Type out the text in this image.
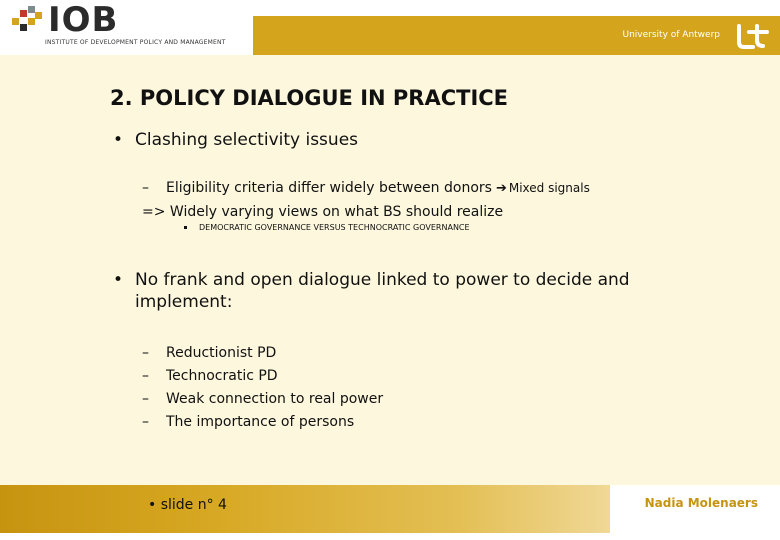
IOB
INSTITUTE OF DEVELOPMENT POLICY AND MANAGEMENT
University of Antwerp
2. POLICY DIALOGUE IN PRACTICE
• Clashing selectivity issues
– Eligibility criteria differ widely between donors ➔ Mixed signals
=> Widely varying views on what BS should realize
DEMOCRATIC GOVERNANCE VERSUS TECHNOCRATIC GOVERNANCE
• No frank and open dialogue linked to power to decide and
implement:
– Reductionist PD
– Technocratic PD
– Weak connection to real power
– The importance of persons
• slide n° 4	Nadia Molenaers
